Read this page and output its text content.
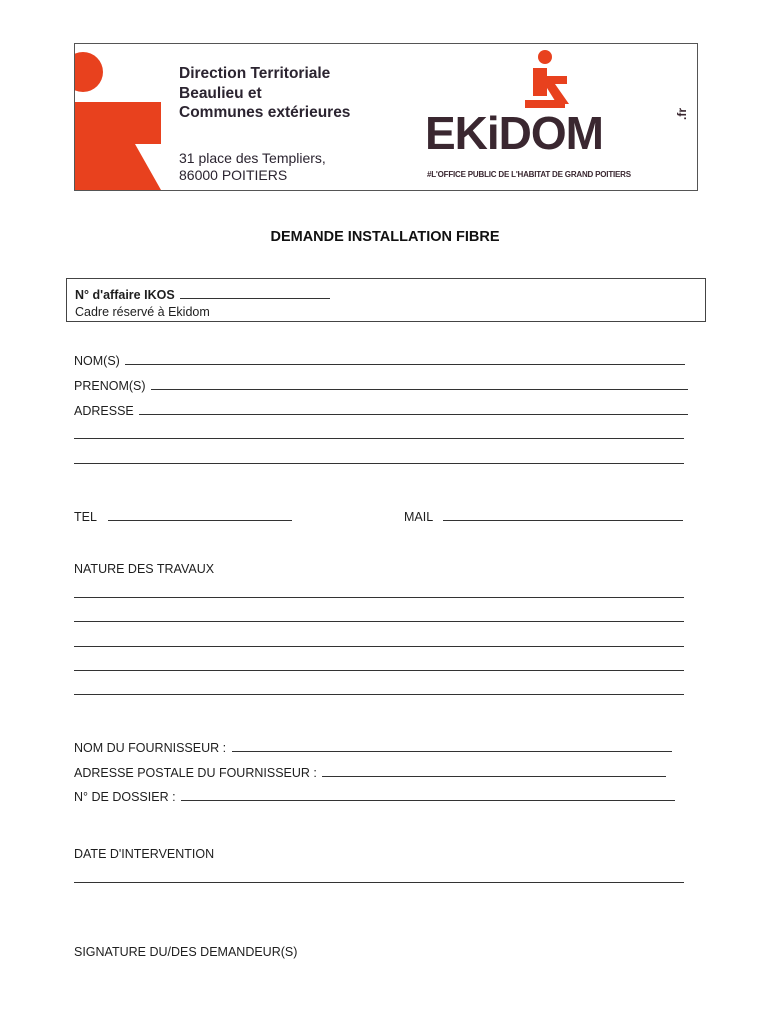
Direction Territoriale
Beaulieu et
Communes extérieures
31 place des Templiers,
86000 POITIERS
EKiDOM	.fr
#L'OFFICE PUBLIC DE L'HABITAT DE GRAND POITIERS
DEMANDE INSTALLATION FIBRE
N° d'affaire IKOS
Cadre réservé à Ekidom
NOM(S)
PRENOM(S)
ADRESSE
TEL	MAIL
NATURE DES TRAVAUX
NOM DU FOURNISSEUR :
ADRESSE POSTALE DU FOURNISSEUR :
N° DE DOSSIER :
DATE D'INTERVENTION
SIGNATURE DU/DES DEMANDEUR(S)
